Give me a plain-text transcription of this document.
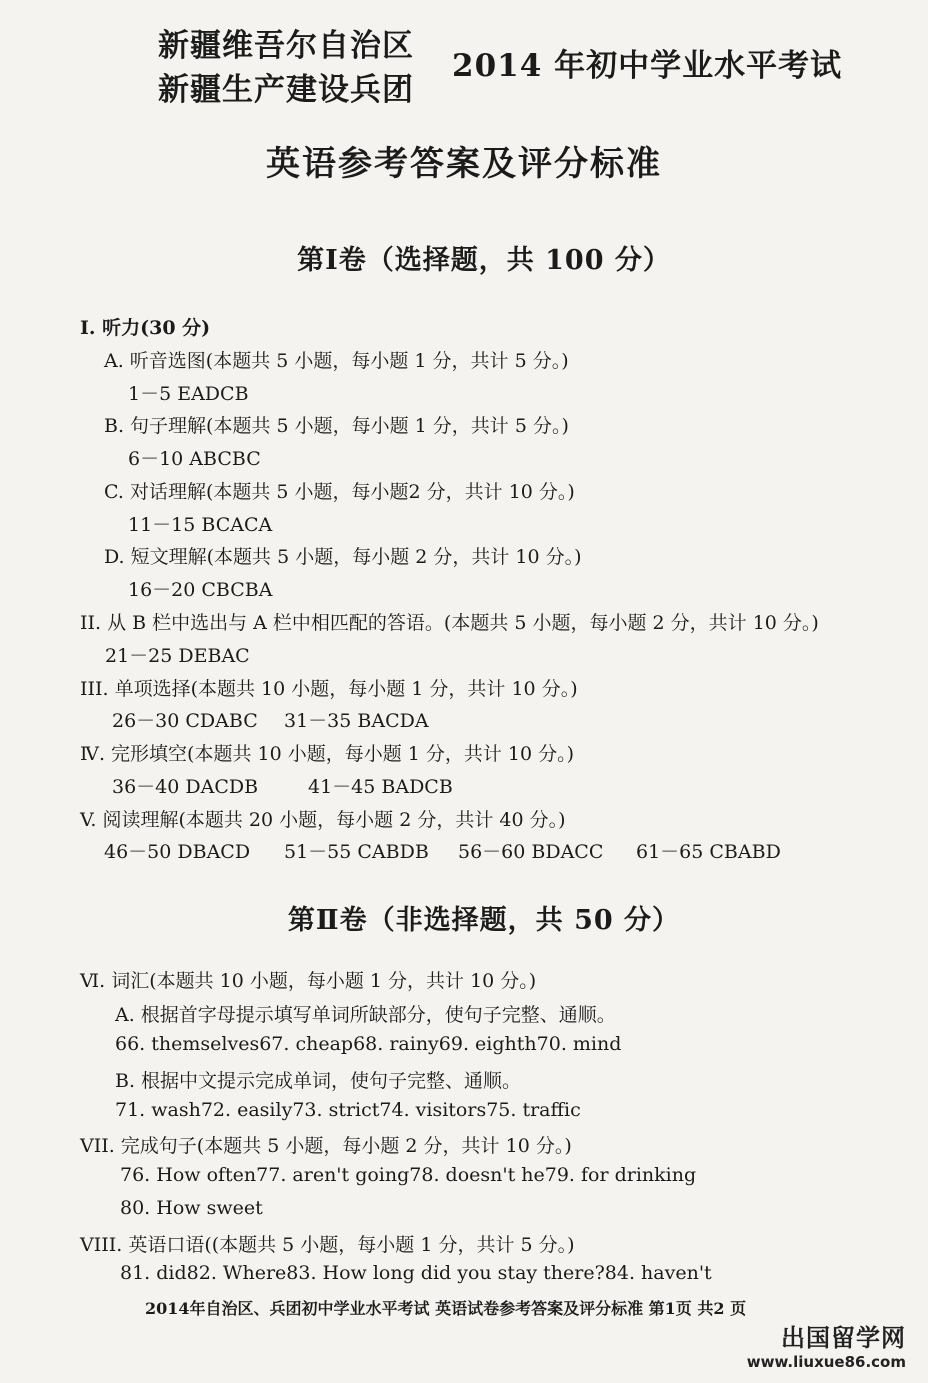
新疆维吾尔自治区
新疆生产建设兵团
2014 年初中学业水平考试
英语参考答案及评分标准
第Ⅰ卷（选择题，共 100 分）
I. 听力(30 分)
A. 听音选图(本题共 5 小题，每小题 1 分，共计 5 分。)
1－5 EADCB
B. 句子理解(本题共 5 小题，每小题 1 分，共计 5 分。)
6－10 ABCBC
C. 对话理解(本题共 5 小题，每小题2 分，共计 10 分。)
11－15 BCACA
D. 短文理解(本题共 5 小题，每小题 2 分，共计 10 分。)
16－20 CBCBA
II. 从 B 栏中选出与 A 栏中相匹配的答语。(本题共 5 小题，每小题 2 分，共计 10 分。)
21－25 DEBAC
III. 单项选择(本题共 10 小题，每小题 1 分，共计 10 分。)
26－30 CDABC 31－35 BACDA
Ⅳ. 完形填空(本题共 10 小题，每小题 1 分，共计 10 分。)
36－40 DACDB	41－45 BADCB
V. 阅读理解(本题共 20 小题，每小题 2 分，共计 40 分。)
46－50 DBACD 51－55 CABDB 56－60 BDACC 61－65 CBABD
第Ⅱ卷（非选择题，共 50 分）
Ⅵ. 词汇(本题共 10 小题，每小题 1 分，共计 10 分。)
A. 根据首字母提示填写单词所缺部分，使句子完整、通顺。
66. themselves67. cheap68. rainy69. eighth70. mind
B. 根据中文提示完成单词，使句子完整、通顺。
71. wash72. easily73. strict74. visitors75. traffic
VII. 完成句子(本题共 5 小题，每小题 2 分，共计 10 分。)
76. How often77. aren't going78. doesn't he79. for drinking
80. How sweet
VIII. 英语口语((本题共 5 小题，每小题 1 分，共计 5 分。)
81. did82. Where83. How long did you stay there?84. haven't
2014年自治区、兵团初中学业水平考试 英语试卷参考答案及评分标准 第1页 共2 页
出国留学网
www.liuxue86.com
